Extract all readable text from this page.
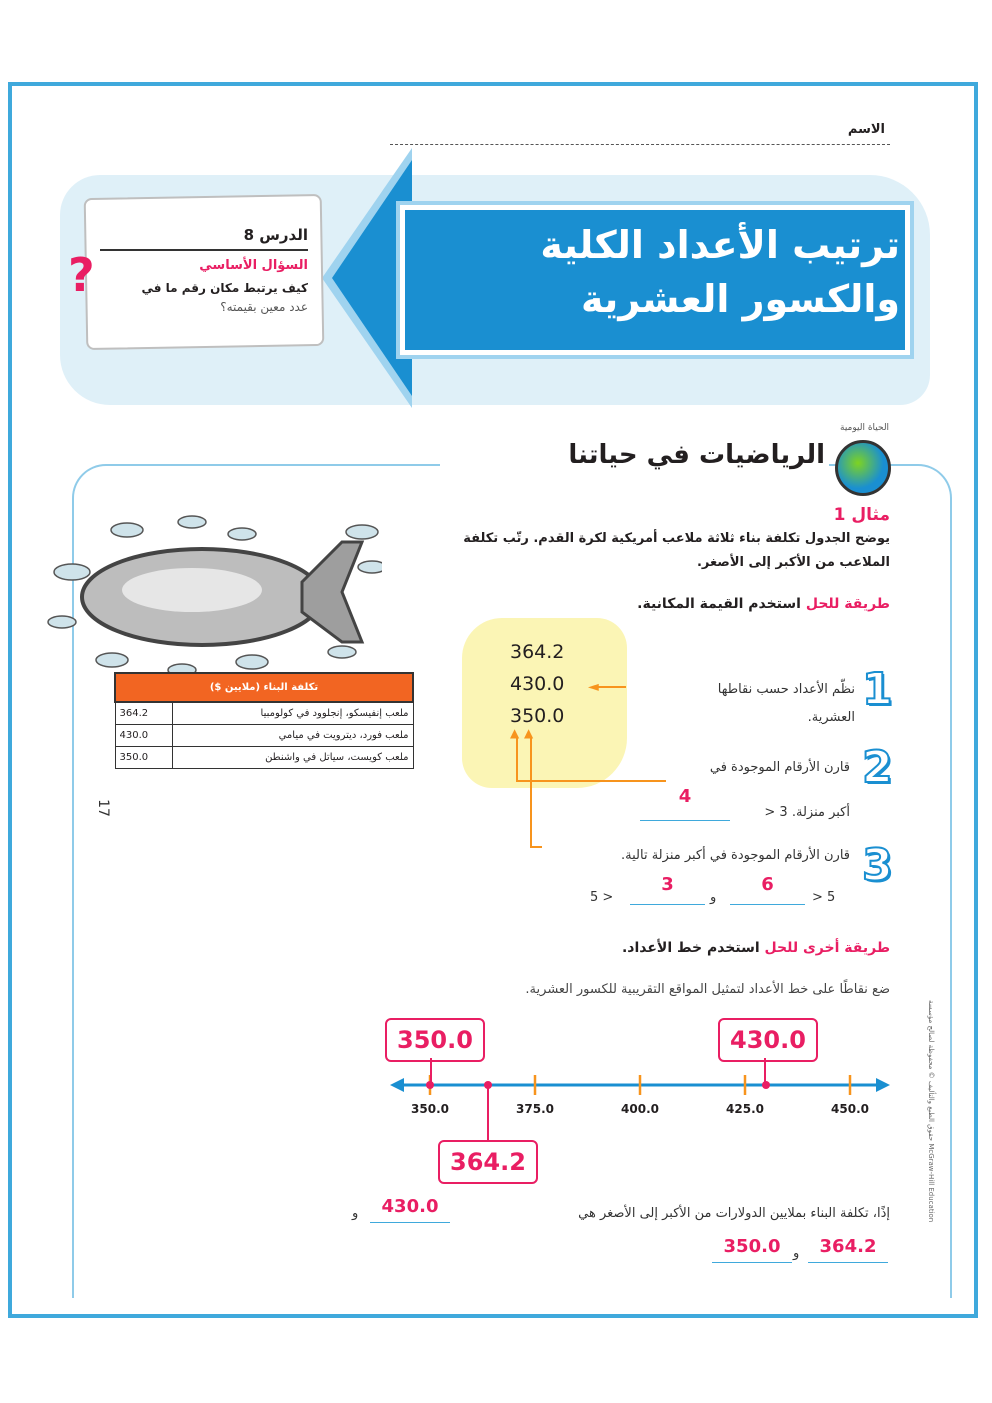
الاسم
ترتيب الأعداد الكلية
والكسور العشرية
?
الدرس 8
السؤال الأساسي
كيف يرتبط مكان رقم ما في
عدد معين بقيمته؟
الحياة اليومية
الرياضيات في حياتنا
مثال 1
يوضح الجدول تكلفة بناء ثلاثة ملاعب أمريكية لكرة القدم. رتّب تكلفة
الملاعب من الأكبر إلى الأصغر.
طريقة للحل استخدم القيمة المكانية.
تكلفة البناء (ملايين $)	
364.2	ملعب إنفيسكو، إنجلوود في كولومبيا
430.0	ملعب فورد، ديترويت في ميامي
350.0	ملعب كويست، سياتل في واشنطن
17
364.2
430.0
350.0
◄
▲ ▲
1
نظّم الأعداد حسب نقاطها
العشرية.
2
قارن الأرقام الموجودة في
أكبر منزلة. 3 <
4
3
قارن الأرقام الموجودة في أكبر منزلة تالية.
5 >
3
و
6
> 5
طريقة أخرى للحل استخدم خط الأعداد.
ضع نقاطًا على خط الأعداد لتمثيل المواقع التقريبية للكسور العشرية.
350.0	375.0	400.0	425.0	450.0
350.0	430.0
364.2
إذًا، تكلفة البناء بملايين الدولارات من الأكبر إلى الأصغر هي
430.0
و
364.2
و
350.0
حقوق الطبع والتأليف © محفوظة لصالح مؤسسة McGraw-Hill Education
